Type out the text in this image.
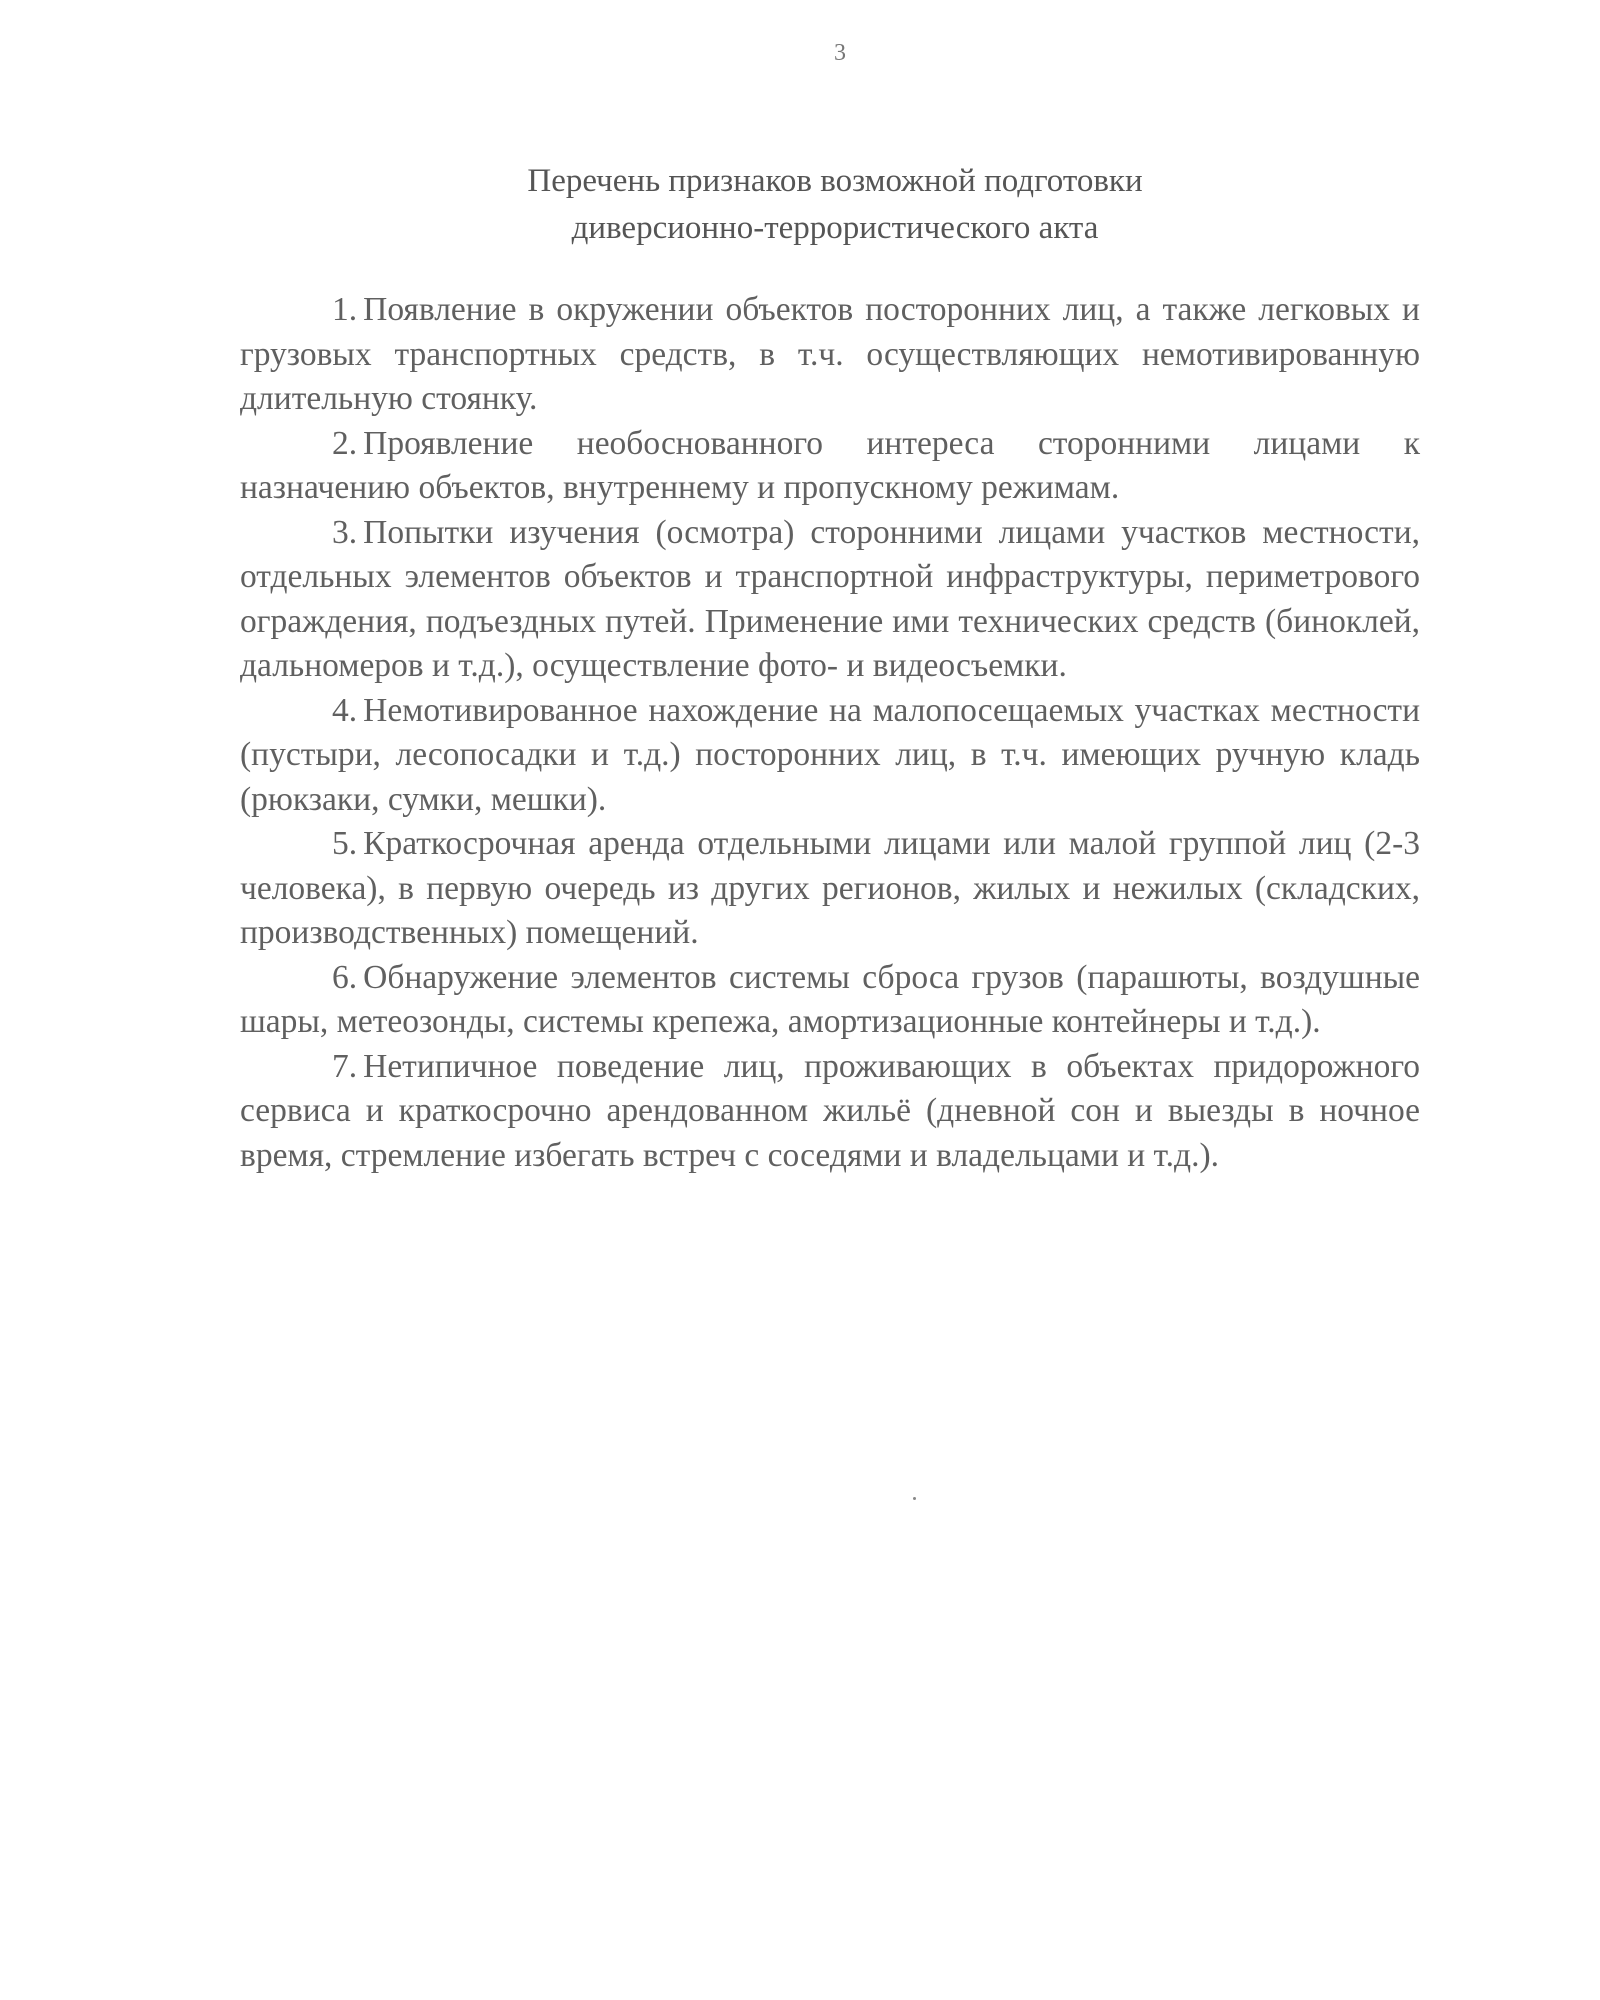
3
Перечень признаков возможной подготовки
диверсионно-террористического акта

1. Появление в окружении объектов посторонних лиц, а также легковых и грузовых транспортных средств, в т.ч. осуществляющих немотивированную длительную стоянку.

2. Проявление необоснованного интереса сторонними лицами к назначению объектов, внутреннему и пропускному режимам.

3. Попытки изучения (осмотра) сторонними лицами участков местности, отдельных элементов объектов и транспортной инфраструктуры, периметрового ограждения, подъездных путей. Применение ими технических средств (биноклей, дальномеров и т.д.), осуществление фото- и видеосъемки.

4. Немотивированное нахождение на малопосещаемых участках местности (пустыри, лесопосадки и т.д.) посторонних лиц, в т.ч. имеющих ручную кладь (рюкзаки, сумки, мешки).

5. Краткосрочная аренда отдельными лицами или малой группой лиц (2-3 человека), в первую очередь из других регионов, жилых и нежилых (складских, производственных) помещений.

6. Обнаружение элементов системы сброса грузов (парашюты, воздушные шары, метеозонды, системы крепежа, амортизационные контейнеры и т.д.).

7. Нетипичное поведение лиц, проживающих в объектах придорожного сервиса и краткосрочно арендованном жильё (дневной сон и выезды в ночное время, стремление избегать встреч с соседями и владельцами и т.д.).
